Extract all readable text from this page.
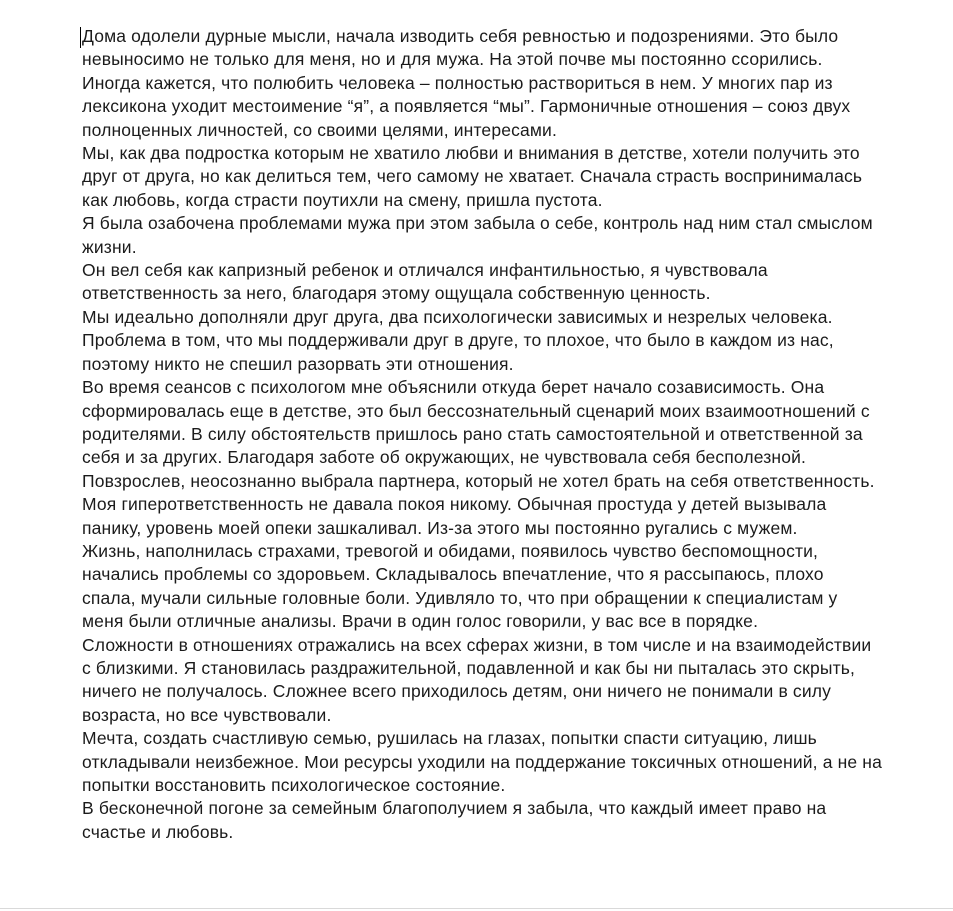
Дома одолели дурные мысли, начала изводить себя ревностью и подозрениями. Это было невыносимо не только для меня, но и для мужа. На этой почве мы постоянно ссорились.

Иногда кажется, что полюбить человека – полностью раствориться в нем. У многих пар из лексикона уходит местоимение “я”, а появляется “мы”. Гармоничные отношения – союз двух полноценных личностей, со своими целями, интересами.

Мы, как два подростка которым не хватило любви и внимания в детстве, хотели получить это друг от друга, но как делиться тем, чего самому не хватает. Сначала страсть воспринималась как любовь, когда страсти поутихли на смену, пришла пустота.

Я была озабочена проблемами мужа при этом забыла о себе, контроль над ним стал смыслом жизни.

Он вел себя как капризный ребенок и отличался инфантильностью, я чувствовала ответственность за него, благодаря этому ощущала собственную ценность.

Мы идеально дополняли друг друга, два психологически зависимых и незрелых человека. Проблема в том, что мы поддерживали друг в друге, то плохое, что было в каждом из нас, поэтому никто не спешил разорвать эти отношения.

Во время сеансов с психологом мне объяснили откуда берет начало созависимость. Она сформировалась еще в детстве, это был бессознательный сценарий моих взаимоотношений с родителями. В силу обстоятельств пришлось рано стать самостоятельной и ответственной за себя и за других. Благодаря заботе об окружающих, не чувствовала себя бесполезной. Повзрослев, неосознанно выбрала партнера, который не хотел брать на себя ответственность.

Моя гиперответственность не давала покоя никому. Обычная простуда у детей вызывала панику, уровень моей опеки зашкаливал. Из-за этого мы постоянно ругались с мужем.

Жизнь, наполнилась страхами, тревогой и обидами, появилось чувство беспомощности, начались проблемы со здоровьем. Складывалось впечатление, что я рассыпаюсь, плохо спала, мучали сильные головные боли. Удивляло то, что при обращении к специалистам у меня были отличные анализы. Врачи в один голос говорили, у вас все в порядке.

Сложности в отношениях отражались на всех сферах жизни, в том числе и на взаимодействии с близкими. Я становилась раздражительной, подавленной и как бы ни пыталась это скрыть, ничего не получалось. Сложнее всего приходилось детям, они ничего не понимали в силу возраста, но все чувствовали.

Мечта, создать счастливую семью, рушилась на глазах, попытки спасти ситуацию, лишь откладывали неизбежное. Мои ресурсы уходили на поддержание токсичных отношений, а не на попытки восстановить психологическое состояние.

В бесконечной погоне за семейным благополучием я забыла, что каждый имеет право на счастье и любовь.
